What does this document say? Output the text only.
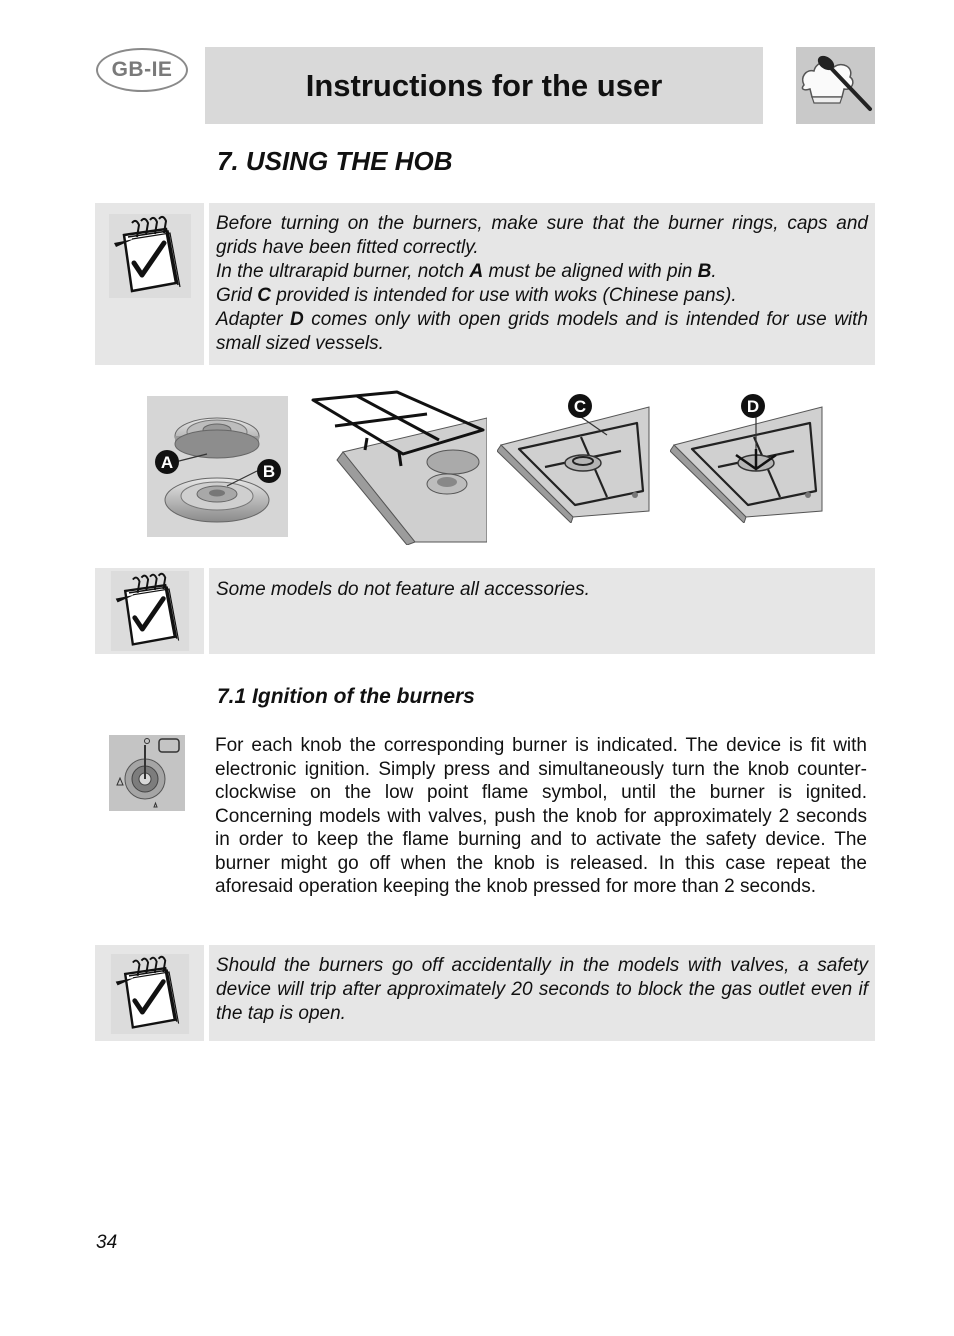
GB-IE	Instructions for the user
7. USING THE HOB

Before turning on the burners, make sure that the burner rings, caps and grids have been fitted correctly.

In the ultrarapid burner, notch A must be aligned with pin B.

Grid C provided is intended for use with woks (Chinese pans).

Adapter D comes only with open grids models and is intended for use with small sized vessels.

A	B
C	D

Some models do not feature all accessories.

7.1 Ignition of the burners
For each knob the corresponding burner is indicated. The device is fit with electronic ignition. Simply press and simultaneously turn the knob counter-clockwise on the low point flame symbol, until the burner is ignited. Concerning models with valves, push the knob for approximately 2 seconds in order to keep the flame burning and to activate the safety device. The burner might go off when the knob is released. In this case repeat the aforesaid operation keeping the knob pressed for more than 2 seconds.

Should the burners go off accidentally in the models with valves, a safety device will trip after approximately 20 seconds to block the gas outlet even if the tap is open.

34
